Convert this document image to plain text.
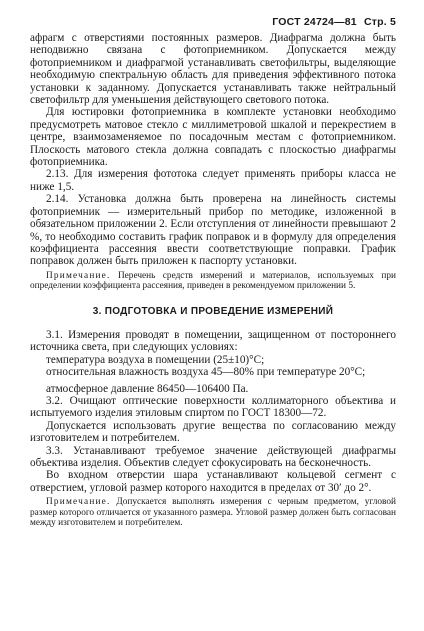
ГОСТ 24724—81 Стр. 5

афрагм с отверстиями постоянных размеров. Диафрагма должна быть неподвижно связана с фотоприемником. Допускается между фотоприемником и диафрагмой устанавливать светофильтры, выделяющие необходимую спектральную область для приведения эффективного потока установки к заданному. Допускается устанавливать также нейтральный светофильтр для уменьшения действующего светового потока.

Для юстировки фотоприемника в комплекте установки необходимо предусмотреть матовое стекло с миллиметровой шкалой и перекрестием в центре, взаимозаменяемое по посадочным местам с фотоприемником. Плоскость матового стекла должна совпадать с плоскостью диафрагмы фотоприемника.

2.13. Для измерения фототока следует применять приборы класса не ниже 1,5.

2.14. Установка должна быть проверена на линейность системы фотоприемник — измерительный прибор по методике, изложенной в обязательном приложении 2. Если отступления от линейности превышают 2 %, то необходимо составить график поправок и в формулу для определения коэффициента рассеяния ввести соответствующие поправки. График поправок должен быть приложен к паспорту установки.

Примечание. Перечень средств измерений и материалов, используемых при определении коэффициента рассеяния, приведен в рекомендуемом приложении 5.

3. ПОДГОТОВКА И ПРОВЕДЕНИЕ ИЗМЕРЕНИЙ

3.1. Измерения проводят в помещении, защищенном от постороннего источника света, при следующих условиях:

температура воздуха в помещении (25±10)°С;

относительная влажность воздуха 45—80% при температуре 20°С;

атмосферное давление 86450—106400 Па.

3.2. Очищают оптические поверхности коллиматорного объектива и испытуемого изделия этиловым спиртом по ГОСТ 18300—72.

Допускается использовать другие вещества по согласованию между изготовителем и потребителем.

3.3. Устанавливают требуемое значение действующей диафрагмы объектива изделия. Объектив следует сфокусировать на бесконечность.

Во входном отверстии шара устанавливают кольцевой сегмент с отверстием, угловой размер которого находится в пределах от 30′ до 2°.

Примечание. Допускается выполнять измерения с черным предметом, угловой размер которого отличается от указанного размера. Угловой размер должен быть согласован между изготовителем и потребителем.
